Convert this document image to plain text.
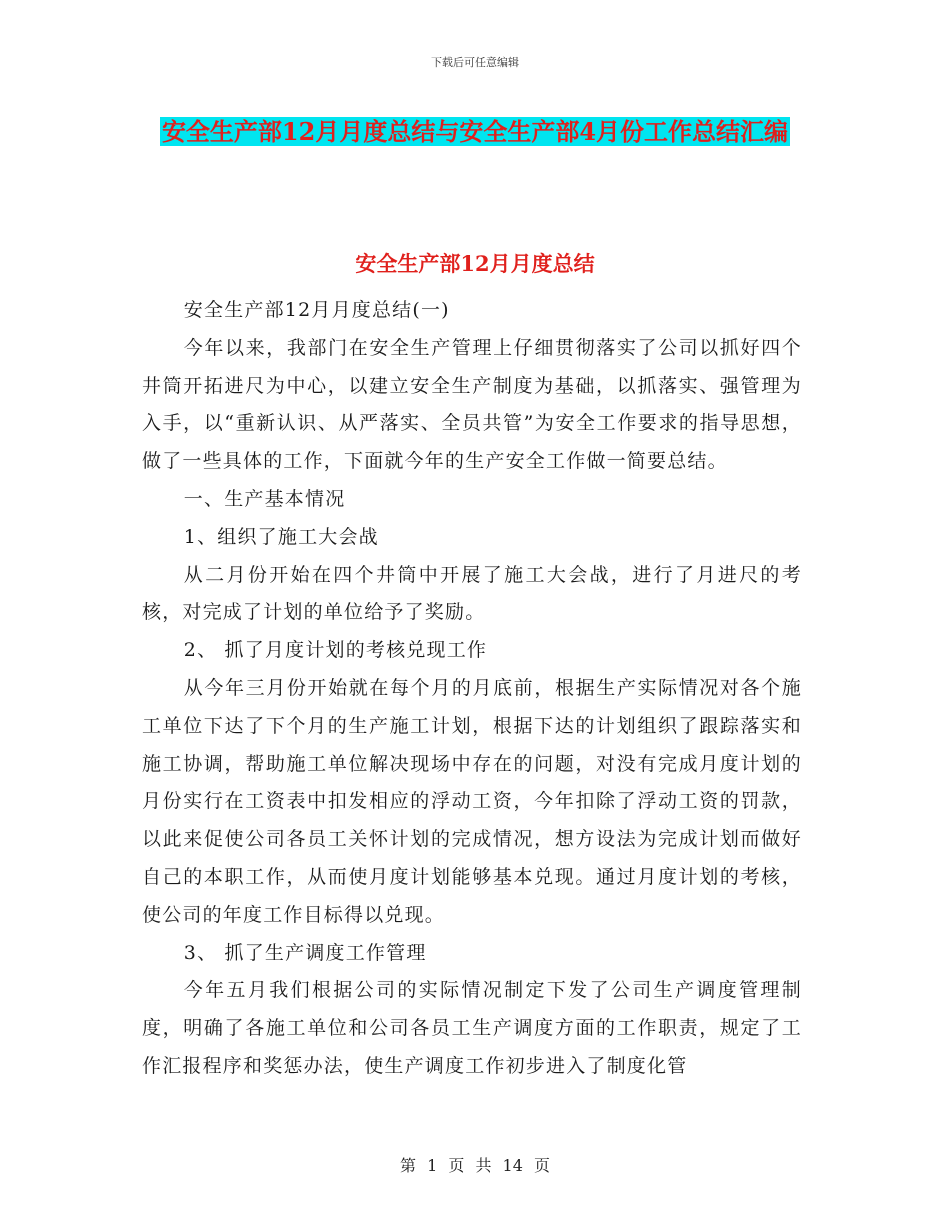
下载后可任意编辑
安全生产部12月月度总结与安全生产部4月份工作总结汇编
安全生产部12月月度总结

安全生产部12月月度总结(一)

今年以来，我部门在安全生产管理上仔细贯彻落实了公司以抓好四个井筒开拓进尺为中心，以建立安全生产制度为基础，以抓落实、强管理为入手，以“重新认识、从严落实、全员共管”为安全工作要求的指导思想，做了一些具体的工作，下面就今年的生产安全工作做一简要总结。

一、生产基本情况

1、组织了施工大会战

从二月份开始在四个井筒中开展了施工大会战，进行了月进尺的考核，对完成了计划的单位给予了奖励。

2、 抓了月度计划的考核兑现工作

从今年三月份开始就在每个月的月底前，根据生产实际情况对各个施工单位下达了下个月的生产施工计划，根据下达的计划组织了跟踪落实和施工协调，帮助施工单位解决现场中存在的问题，对没有完成月度计划的月份实行在工资表中扣发相应的浮动工资，今年扣除了浮动工资的罚款，以此来促使公司各员工关怀计划的完成情况，想方设法为完成计划而做好自己的本职工作，从而使月度计划能够基本兑现。通过月度计划的考核，使公司的年度工作目标得以兑现。

3、 抓了生产调度工作管理

今年五月我们根据公司的实际情况制定下发了公司生产调度管理制度，明确了各施工单位和公司各员工生产调度方面的工作职责，规定了工作汇报程序和奖惩办法，使生产调度工作初步进入了制度化管

第 1 页 共 14 页
